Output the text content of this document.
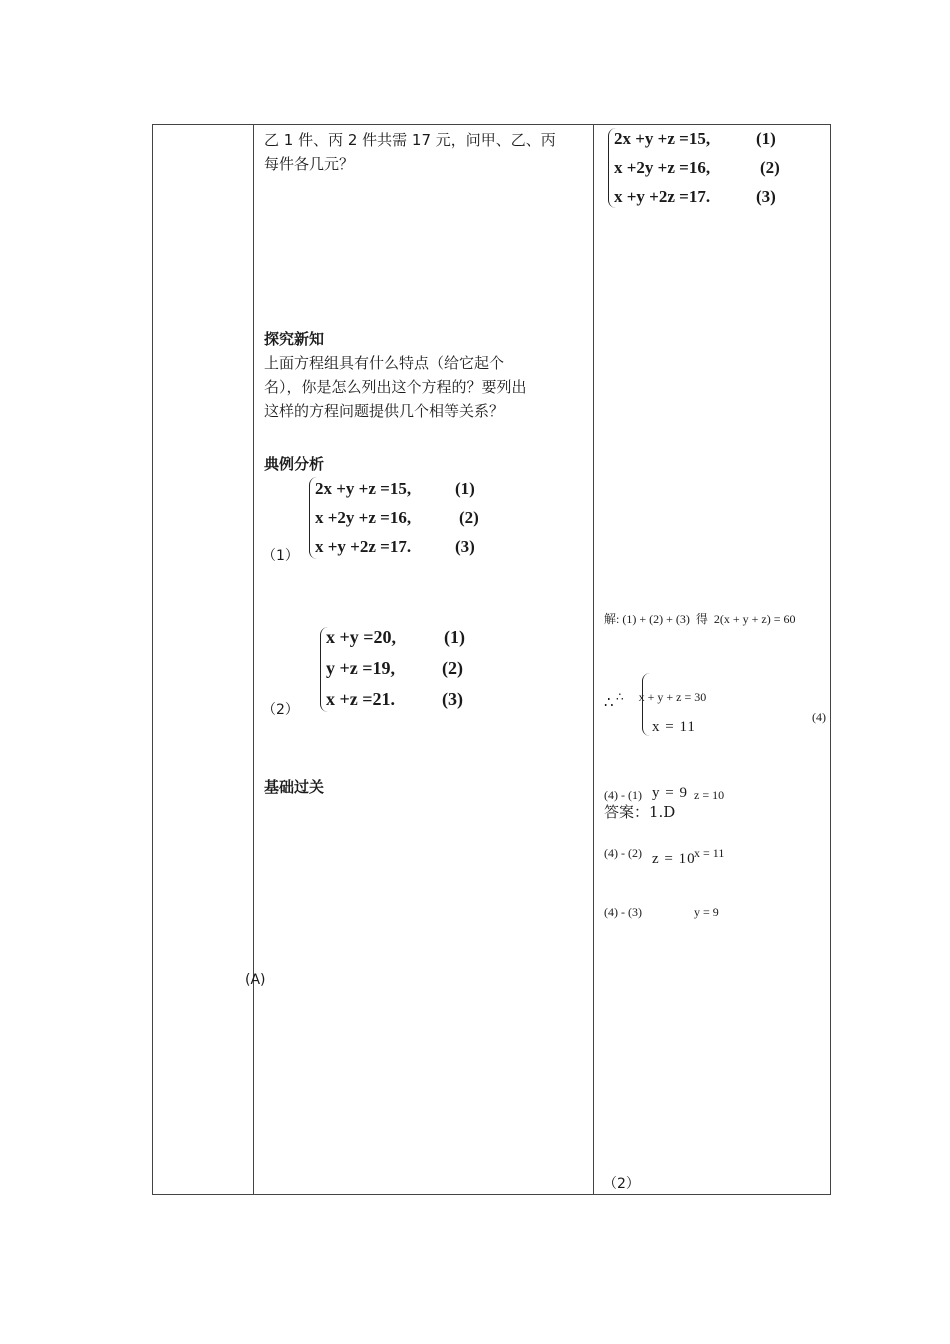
乙 1 件、丙 2 件共需 17 元，问甲、乙、丙
每件各几元？
探究新知
上面方程组具有什么特点（给它起个
名），你是怎么列出这个方程的？要列出
这样的方程问题提供几个相等关系？
典例分析
（1）
2x +y +z =15,	(1)
x +2y +z =16,	(2)
x +y +2z =17.	(3)
（2）
x +y =20,	(1)
y +z =19,	(2)
x +z =21.	(3)
基础过关
(A)
2x +y +z =15,	(1)
x +2y +z =16,	(2)
x +y +2z =17.	(3)

解: (1) + (2) + (3)  得  2(x + y + z) = 60

∴     x + y + z = 30

(4)

(4) - (1)	z = 10

(4) - (2)	x = 11

(4) - (3)	y = 9

∴

x = 11

y = 9

z = 10

答案：1.D
（2）
